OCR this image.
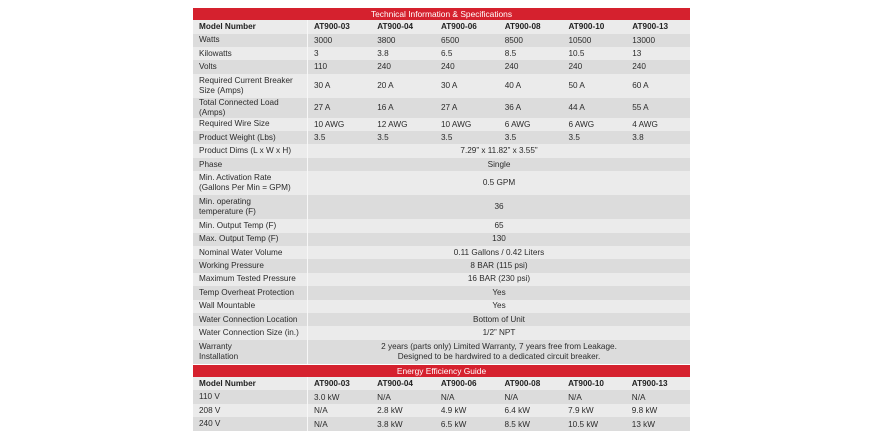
Technical Information & Specifications
Model Number	AT900-03	AT900-04	AT900-06	AT900-08	AT900-10	AT900-13
Watts	3000	3800	6500	8500	10500	13000
Kilowatts	3	3.8	6.5	8.5	10.5	13
Volts	110	240	240	240	240	240
Required Current Breaker
Size (Amps)	30 A	20 A	30 A	40 A	50 A	60 A
Total Connected Load (Amps)	27 A	16 A	27 A	36 A	44 A	55 A
Required Wire Size	10 AWG	12 AWG	10 AWG	6 AWG	6 AWG	4 AWG
Product Weight (Lbs)	3.5	3.5	3.5	3.5	3.5	3.8
Product Dims (L x W x H)	7.29” x 11.82” x 3.55”					
Phase	Single					
Min. Activation Rate
(Gallons Per Min = GPM)	0.5 GPM					
Min. operating
temperature (F)	36					
Min. Output Temp (F)	65					
Max. Output Temp (F)	130					
Nominal Water Volume	0.11 Gallons / 0.42 Liters					
Working Pressure	8 BAR (115 psi)					
Maximum Tested Pressure	16 BAR (230 psi)					
Temp Overheat Protection	Yes					
Wall Mountable	Yes					
Water Connection Location	Bottom of Unit					
Water Connection Size (in.)	1/2” NPT					
Warranty
Installation	2 years (parts only) Limited Warranty, 7 years free from Leakage.
Designed to be hardwired to a dedicated circuit breaker.					
Energy Efficiency Guide
Model Number	AT900-03	AT900-04	AT900-06	AT900-08	AT900-10	AT900-13
110 V	3.0 kW	N/A	N/A	N/A	N/A	N/A
208 V	N/A	2.8 kW	4.9 kW	6.4 kW	7.9 kW	9.8 kW
240 V	N/A	3.8 kW	6.5 kW	8.5 kW	10.5 kW	13 kW
